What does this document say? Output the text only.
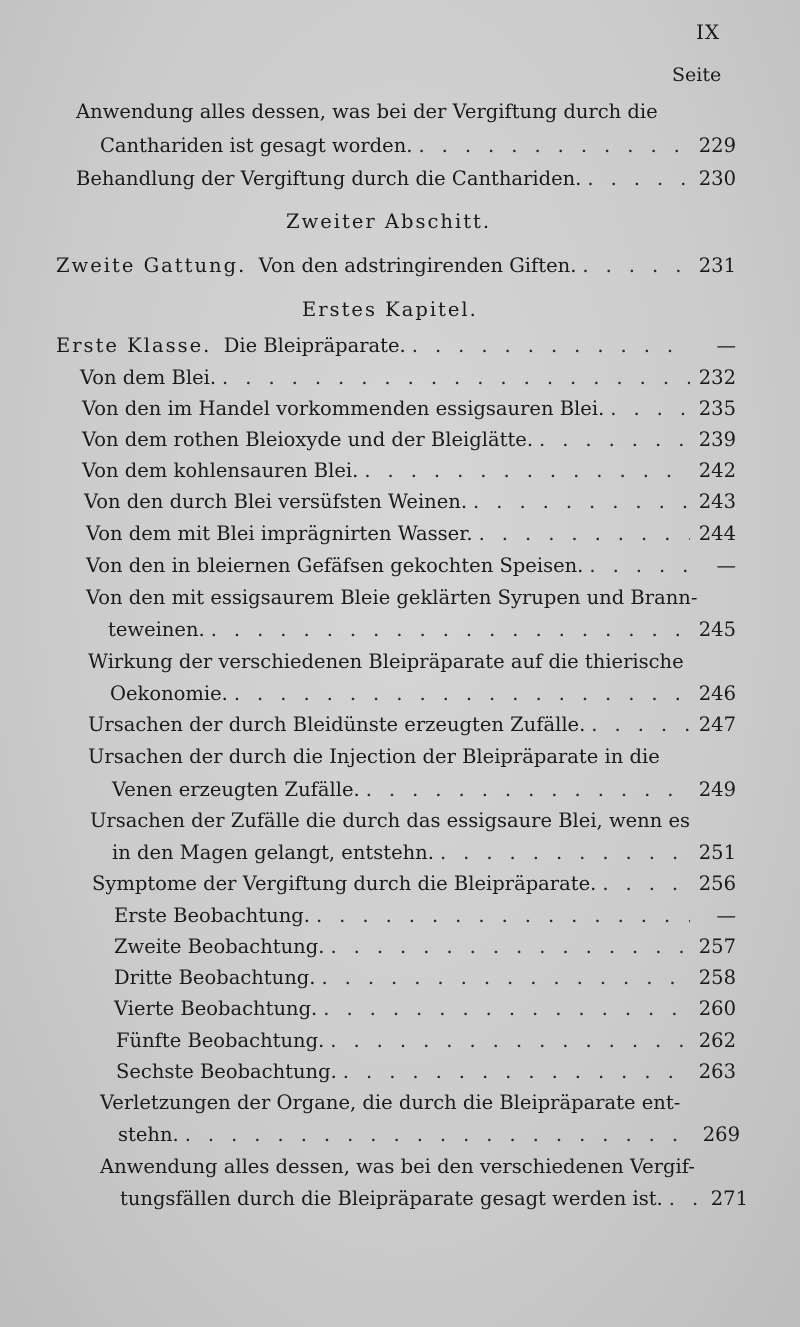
IX
Seite
Anwendung alles dessen, was bei der Vergiftung durch die
Canthariden ist gesagt worden. .....	229
Behandlung der Vergiftung durch die Canthariden. .....	230
Zweiter Abschitt.
Zweite Gattung.
Von den adstringirenden Giften. .....	231
Erstes Kapitel.
Erste Klasse.
Die Bleipräparate. .....	—
Von dem Blei. .....	232
Von den im Handel vorkommenden essigsauren Blei. .....	235
Von dem rothen Bleioxyde und der Bleiglätte. .....	239
Von dem kohlensauren Blei. .....	242
Von den durch Blei versüfsten Weinen. .....	243
Von dem mit Blei imprägnirten Wasser. .....	244
Von den in bleiernen Gefäfsen gekochten Speisen. .....	—
Von den mit essigsaurem Bleie geklärten Syrupen und Brann-
teweinen. .....	245
Wirkung der verschiedenen Bleipräparate auf die thierische
Oekonomie. .....	246
Ursachen der durch Bleidünste erzeugten Zufälle. .....	247
Ursachen der durch die Injection der Bleipräparate in die
Venen erzeugten Zufälle. .....	249
Ursachen der Zufälle die durch das essigsaure Blei, wenn es
in den Magen gelangt, entstehn. .....	251
Symptome der Vergiftung durch die Bleipräparate. .....	256
Erste Beobachtung. .....	—
Zweite Beobachtung. .....	257
Dritte Beobachtung. .....	258
Vierte Beobachtung. .....	260
Fünfte Beobachtung. .....	262
Sechste Beobachtung. .....	263
Verletzungen der Organe, die durch die Bleipräparate ent-
stehn. .....	269
Anwendung alles dessen, was bei den verschiedenen Vergif-
tungsfällen durch die Bleipräparate gesagt werden ist. ..... 271
